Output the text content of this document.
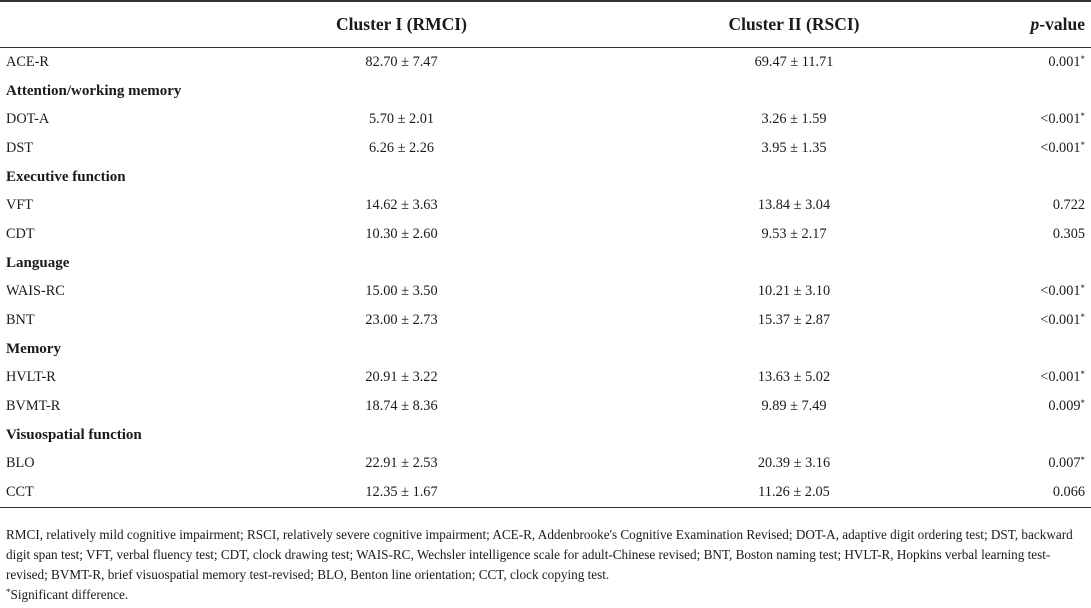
	Cluster I (RMCI)	Cluster II (RSCI)	p-value
ACE-R	82.70 ± 7.47	69.47 ± 11.71	0.001*
Attention/working memory			
DOT-A	5.70 ± 2.01	3.26 ± 1.59	<0.001*
DST	6.26 ± 2.26	3.95 ± 1.35	<0.001*
Executive function			
VFT	14.62 ± 3.63	13.84 ± 3.04	0.722
CDT	10.30 ± 2.60	9.53 ± 2.17	0.305
Language			
WAIS-RC	15.00 ± 3.50	10.21 ± 3.10	<0.001*
BNT	23.00 ± 2.73	15.37 ± 2.87	<0.001*
Memory			
HVLT-R	20.91 ± 3.22	13.63 ± 5.02	<0.001*
BVMT-R	18.74 ± 8.36	9.89 ± 7.49	0.009*
Visuospatial function			
BLO	22.91 ± 2.53	20.39 ± 3.16	0.007*
CCT	12.35 ± 1.67	11.26 ± 2.05	0.066

RMCI, relatively mild cognitive impairment; RSCI, relatively severe cognitive impairment; ACE-R, Addenbrooke's Cognitive Examination Revised; DOT-A, adaptive digit ordering test; DST, backward digit span test; VFT, verbal fluency test; CDT, clock drawing test; WAIS-RC, Wechsler intelligence scale for adult-Chinese revised; BNT, Boston naming test; HVLT-R, Hopkins verbal learning test-revised; BVMT-R, brief visuospatial memory test-revised; BLO, Benton line orientation; CCT, clock copying test.

*Significant difference.
